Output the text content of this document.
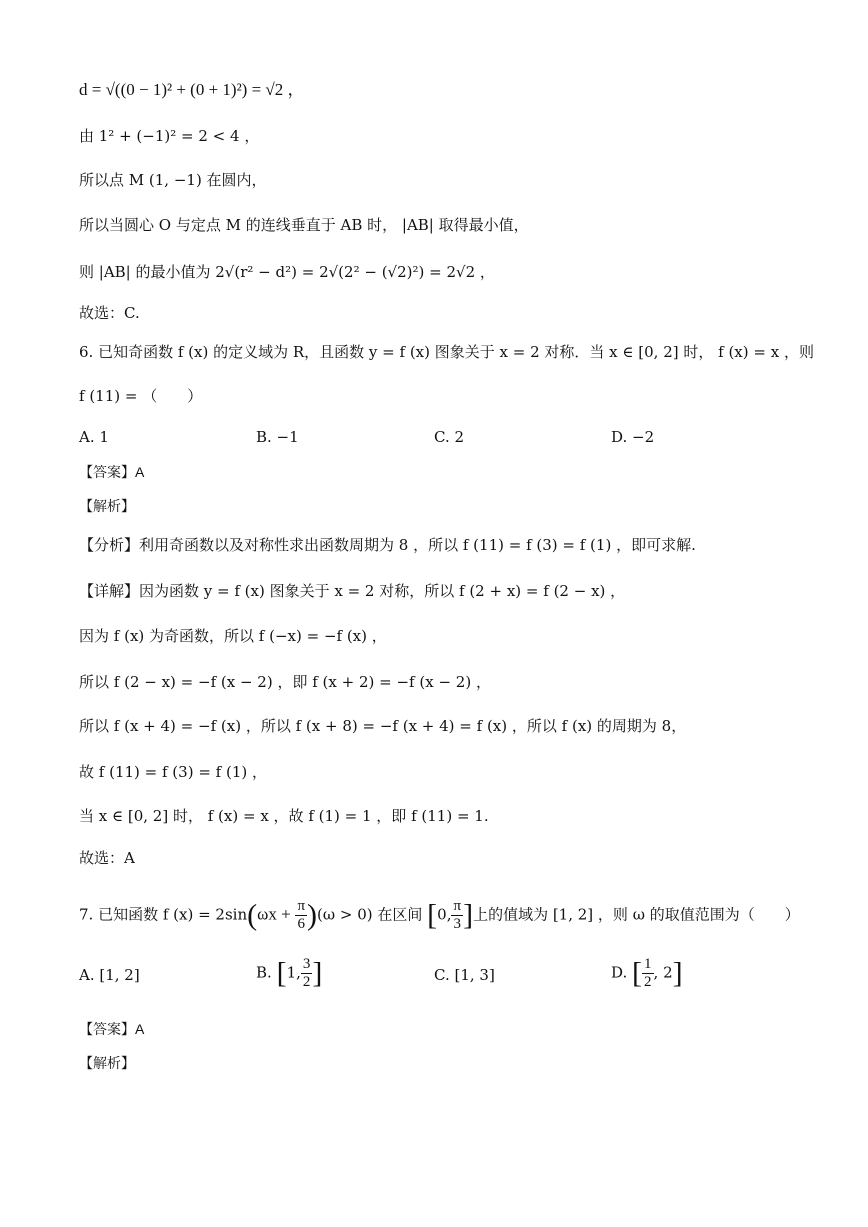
d = √((0 − 1)² + (0 + 1)²) = √2 ，
由 1² + (−1)² = 2 < 4 ，
所以点 M (1, −1) 在圆内，
所以当圆心 O 与定点 M 的连线垂直于 AB 时， |AB| 取得最小值，
则 |AB| 的最小值为 2√(r² − d²) = 2√(2² − (√2)²) = 2√2 ，
故选：C.
6. 已知奇函数 f (x) 的定义域为 R，且函数 y = f (x) 图象关于 x = 2 对称．当 x ∈ [0, 2] 时， f (x) = x ，则
f (11) = （　　）
A. 1	B. −1	C. 2	D. −2
【答案】A
【解析】
【分析】利用奇函数以及对称性求出函数周期为 8 ，所以 f (11) = f (3) = f (1) ，即可求解.
【详解】因为函数 y = f (x) 图象关于 x = 2 对称，所以 f (2 + x) = f (2 − x) ，
因为 f (x) 为奇函数，所以 f (−x) = −f (x) ，
所以 f (2 − x) = −f (x − 2) ，即 f (x + 2) = −f (x − 2) ，
所以 f (x + 4) = −f (x) ，所以 f (x + 8) = −f (x + 4) = f (x) ，所以 f (x) 的周期为 8，
故 f (11) = f (3) = f (1) ，
当 x ∈ [0, 2] 时， f (x) = x ，故 f (1) = 1 ，即 f (11) = 1.
故选：A
7. 已知函数 f $(x) = 2\sin(\omega x + \frac{\pi}{6} )(\omega > 0)$ 在区间 [0, $\frac{\pi}{3}$ ]上的值域为 [1, 2] ，则 ω 的取值范围为（　　）
A. [1, 2]	B. [1, $\frac{3}{2}$ ]	C. [1, 3]	D. [ $\frac{1}{2}$ , 2]
【答案】A
【解析】
